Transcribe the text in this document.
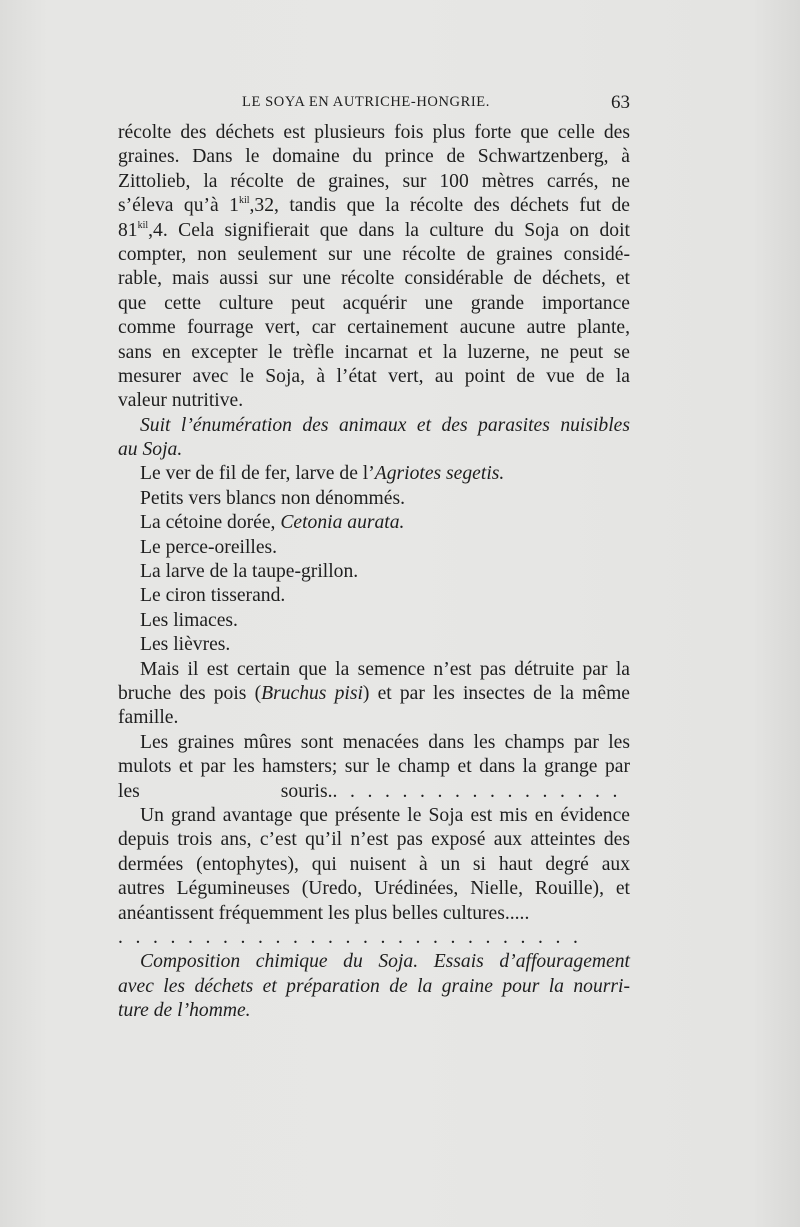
LE SOYA EN AUTRICHE-HONGRIE.	63
récolte des déchets est plusieurs fois plus forte que celle des
graines. Dans le domaine du prince de Schwartzenberg, à
Zittolieb, la récolte de graines, sur 100 mètres carrés, ne
s’éleva qu’à $1^{kil},32$, tandis que la récolte des déchets fut de
$81^{kil},4$. Cela signifierait que dans la culture du Soja on doit
compter, non seulement sur une récolte de graines considé-
rable, mais aussi sur une récolte considérable de déchets, et
que cette culture peut acquérir une grande importance
comme fourrage vert, car certainement aucune autre plante,
sans en excepter le trèfle incarnat et la luzerne, ne peut se
mesurer avec le Soja, à l’état vert, au point de vue de la
valeur nutritive.
Suit l’énumération des animaux et des parasites nuisibles
au Soja.
Le ver de fil de fer, larve de l’Agriotes segetis.
Petits vers blancs non dénommés.
La cétoine dorée, Cetonia aurata.
Le perce-oreilles.
La larve de la taupe-grillon.
Le ciron tisserand.
Les limaces.
Les lièvres.
Mais il est certain que la semence n’est pas détruite par la
bruche des pois (Bruchus pisi) et par les insectes de la même
famille.
Les graines mûres sont menacées dans les champs par les
mulots et par les hamsters; sur le champ et dans la grange par
les souris..................
Un grand avantage que présente le Soja est mis en évidence
depuis trois ans, c’est qu’il n’est pas exposé aux atteintes des
dermées (entophytes), qui nuisent à un si haut degré aux
autres Légumineuses (Uredo, Urédinées, Nielle, Rouille), et
anéantissent fréquemment les plus belles cultures.....
...........................
Composition chimique du Soja. Essais d’affouragement
avec les déchets et préparation de la graine pour la nourri-
ture de l’homme.
